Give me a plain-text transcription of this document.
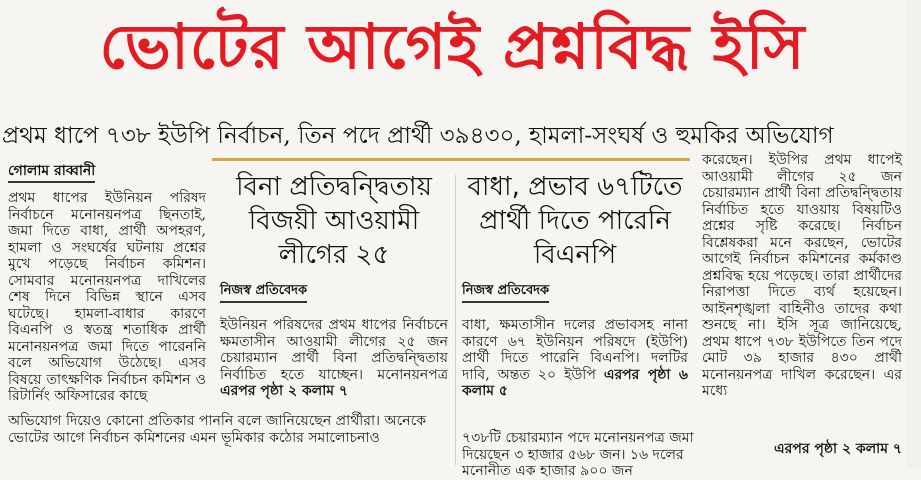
ভোটের আগেই প্রশ্নবিদ্ধ ইসি
প্রথম ধাপে ৭৩৮ ইউপি নির্বাচন, তিন পদে প্রার্থী ৩৯৪৩০, হামলা-সংঘর্ষ ও হুমকির অভিযোগ
গোলাম রাব্বানী
প্রথম ধাপের ইউনিয়ন পরিষদ নির্বাচনে মনোনয়নপত্র ছিনতাই, জমা দিতে বাধা, প্রার্থী অপহরণ, হামলা ও সংঘর্ষের ঘটনায় প্রশ্নের মুখে পড়েছে নির্বাচন কমিশন। সোমবার মনোনয়নপত্র দাখিলের শেষ দিনে বিভিন্ন স্থানে এসব ঘটেছে। হামলা-বাধার কারণে বিএনপি ও স্বতন্ত্র শতাধিক প্রার্থী মনোনয়নপত্র জমা দিতে পারেননি বলে অভিযোগ উঠেছে। এসব বিষয়ে তাৎক্ষণিক নির্বাচন কমিশন ও রিটার্নিং অফিসারের কাছে
অভিযোগ দিয়েও কোনো প্রতিকার পাননি বলে জানিয়েছেন প্রার্থীরা। অনেকে ভোটের আগে নির্বাচন কমিশনের এমন ভূমিকার কঠোর সমালোচনাও
বিনা প্রতিদ্বন্দ্বিতায় বিজয়ী আওয়ামী লীগের ২৫
নিজস্ব প্রতিবেদক
ইউনিয়ন পরিষদের প্রথম ধাপের নির্বাচনে ক্ষমতাসীন আওয়ামী লীগের ২৫ জন চেয়ারম্যান প্রার্থী বিনা প্রতিদ্বন্দ্বিতায় নির্বাচিত হতে যাচ্ছেন। মনোনয়নপত্র এরপর পৃষ্ঠা ২ কলাম ৭
বাধা, প্রভাব ৬৭টিতে প্রার্থী দিতে পারেনি বিএনপি
নিজস্ব প্রতিবেদক
বাধা, ক্ষমতাসীন দলের প্রভাবসহ নানা কারণে ৬৭ ইউনিয়ন পরিষদে (ইউপি) প্রার্থী দিতে পারেনি বিএনপি। দলটির দাবি, অন্তত ২০ ইউপি এরপর পৃষ্ঠা ৬ কলাম ৫
৭৩৮টি চেয়ারম্যান পদে মনোনয়নপত্র জমা দিয়েছেন ৩ হাজার ৫৬৮ জন। ১৬ দলের মনোনীত এক হাজার ৯০০ জন
করেছেন। ইউপির প্রথম ধাপেই আওয়ামী লীগের ২৫ জন চেয়ারম্যান প্রার্থী বিনা প্রতিদ্বন্দ্বিতায় নির্বাচিত হতে যাওয়ায় বিষয়টিও প্রশ্নের সৃষ্টি করেছে। নির্বাচন বিশ্লেষকরা মনে করছেন, ভোটের আগেই নির্বাচন কমিশনের কর্মকাণ্ড প্রশ্নবিদ্ধ হয়ে পড়েছে। তারা প্রার্থীদের নিরাপত্তা দিতে ব্যর্থ হয়েছেন। আইনশৃঙ্খলা বাহিনীও তাদের কথা শুনছে না। ইসি সূত্র জানিয়েছে, প্রথম ধাপে ৭৩৮ ইউপিতে তিন পদে মোট ৩৯ হাজার ৪৩০ প্রার্থী মনোনয়নপত্র দাখিল করেছেন। এর মধ্যে
এরপর পৃষ্ঠা ২ কলাম ৭
